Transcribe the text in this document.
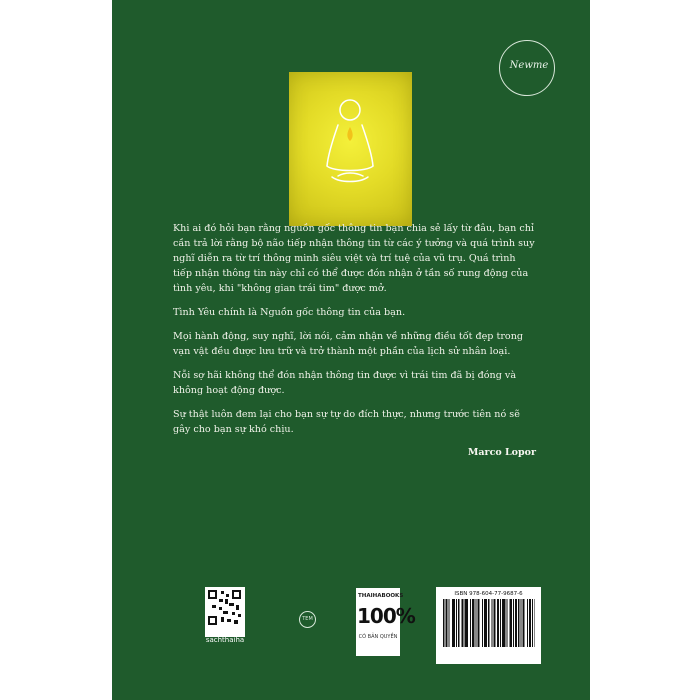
Newme

Khi ai đó hỏi bạn rằng nguồn gốc thông tin bạn chia sẻ lấy từ đâu, bạn chỉ cần trả lời rằng bộ não tiếp nhận thông tin từ các ý tưởng và quá trình suy nghĩ diễn ra từ trí thông minh siêu việt và trí tuệ của vũ trụ. Quá trình tiếp nhận thông tin này chỉ có thể được đón nhận ở tần số rung động của tình yêu, khi "không gian trái tim" được mở.

Tình Yêu chính là Nguồn gốc thông tin của bạn.

Mọi hành động, suy nghĩ, lời nói, cảm nhận về những điều tốt đẹp trong vạn vật đều được lưu trữ và trở thành một phần của lịch sử nhân loại.

Nỗi sợ hãi không thể đón nhận thông tin được vì trái tim đã bị đóng và không hoạt động được.

Sự thật luôn đem lại cho bạn sự tự do đích thực, nhưng trước tiên nó sẽ gây cho bạn sự khó chịu.

Marco Lopor
sachthaiha
TEM
THAIHABOOKS
100%
CÓ BẢN QUYỀN
ISBN 978-604-77-9687-6
